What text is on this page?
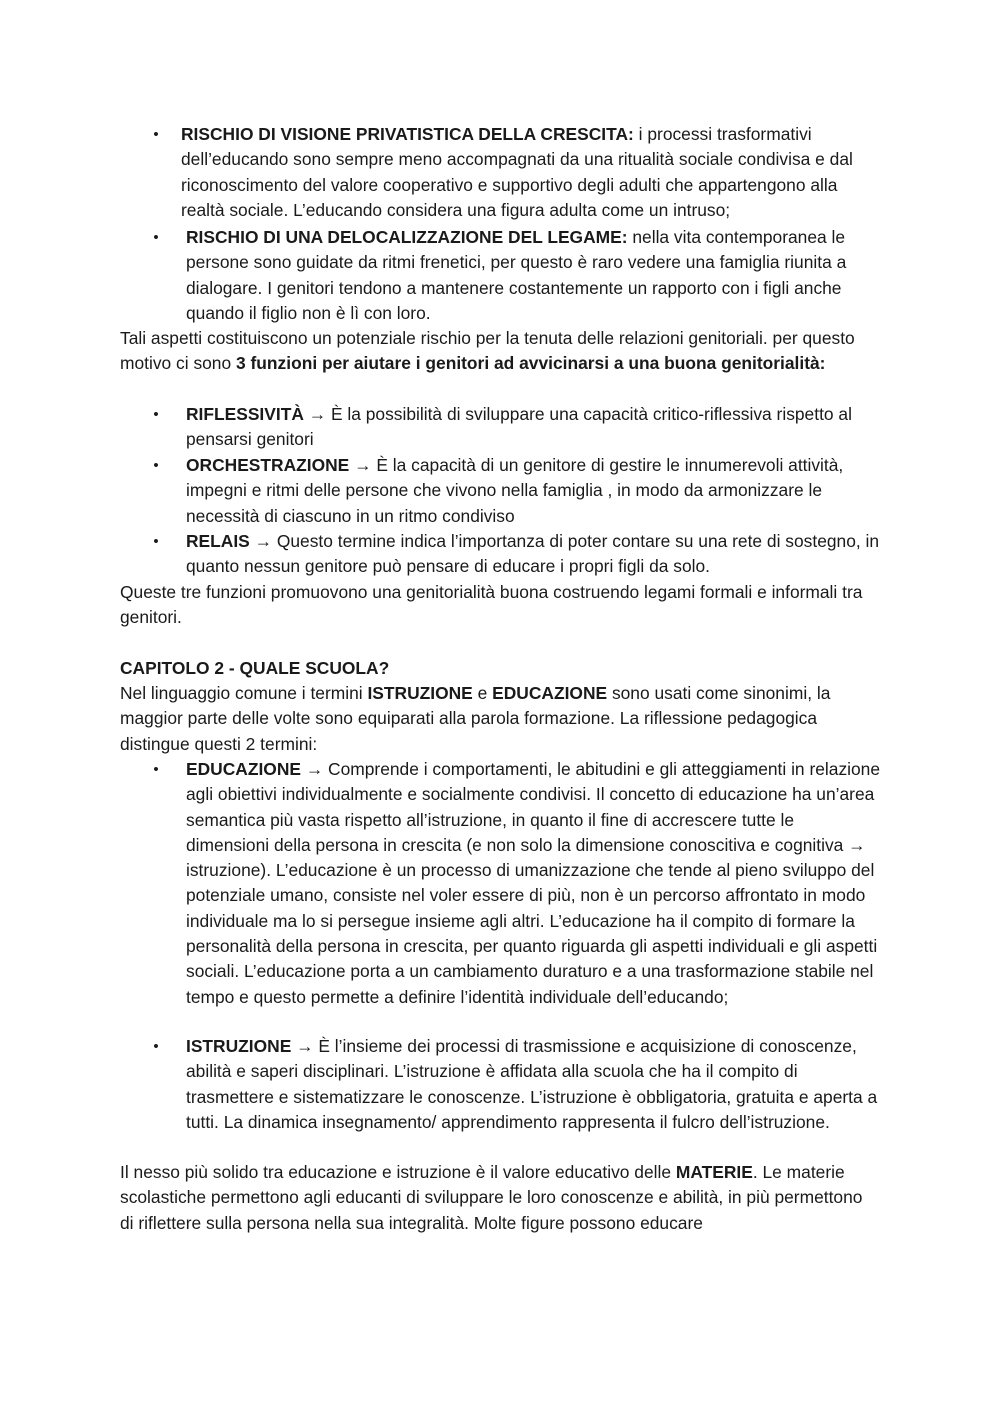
• RISCHIO DI VISIONE PRIVATISTICA DELLA CRESCITA: i processi trasformativi dell’educando sono sempre meno accompagnati da una ritualità sociale condivisa e dal riconoscimento del valore cooperativo e supportivo degli adulti che appartengono alla realtà sociale. L’educando considera una figura adulta come un intruso;
• RISCHIO DI UNA DELOCALIZZAZIONE DEL LEGAME: nella vita contemporanea le persone sono guidate da ritmi frenetici, per questo è raro vedere una famiglia riunita a dialogare. I genitori tendono a mantenere costantemente un rapporto con i figli anche quando il figlio non è lì con loro.
Tali aspetti costituiscono un potenziale rischio per la tenuta delle relazioni genitoriali. per questo motivo ci sono 3 funzioni per aiutare i genitori ad avvicinarsi a una buona genitorialità:
• RIFLESSIVITÀ → È la possibilità di sviluppare una capacità critico-riflessiva rispetto al pensarsi genitori
• ORCHESTRAZIONE → È la capacità di un genitore di gestire le innumerevoli attività, impegni e ritmi delle persone che vivono nella famiglia , in modo da armonizzare le necessità di ciascuno in un ritmo condiviso
• RELAIS → Questo termine indica l’importanza di poter contare su una rete di sostegno, in quanto nessun genitore può pensare di educare i propri figli da solo.
Queste tre funzioni promuovono una genitorialità buona costruendo legami formali e informali tra genitori.
CAPITOLO 2 - QUALE SCUOLA?
Nel linguaggio comune i termini ISTRUZIONE e EDUCAZIONE sono usati come sinonimi, la maggior parte delle volte sono equiparati alla parola formazione. La riflessione pedagogica distingue questi 2 termini:
• EDUCAZIONE → Comprende i comportamenti, le abitudini e gli atteggiamenti in relazione agli obiettivi individualmente e socialmente condivisi. Il concetto di educazione ha un’area semantica più vasta rispetto all’istruzione, in quanto il fine di accrescere tutte le dimensioni della persona in crescita (e non solo la dimensione conoscitiva e cognitiva → istruzione). L’educazione è un processo di umanizzazione che tende al pieno sviluppo del potenziale umano, consiste nel voler essere di più, non è un percorso affrontato in modo individuale ma lo si persegue insieme agli altri. L’educazione ha il compito di formare la personalità della persona in crescita, per quanto riguarda gli aspetti individuali e gli aspetti sociali. L’educazione porta a un cambiamento duraturo e a una trasformazione stabile nel tempo e questo permette a definire l’identità individuale dell’educando;
• ISTRUZIONE → È l’insieme dei processi di trasmissione e acquisizione di conoscenze, abilità e saperi disciplinari. L’istruzione è affidata alla scuola che ha il compito di trasmettere e sistematizzare le conoscenze. L’istruzione è obbligatoria, gratuita e aperta a tutti. La dinamica insegnamento/ apprendimento rappresenta il fulcro dell’istruzione.
Il nesso più solido tra educazione e istruzione è il valore educativo delle MATERIE. Le materie scolastiche permettono agli educanti di sviluppare le loro conoscenze e abilità, in più permettono di riflettere sulla persona nella sua integralità. Molte figure possono educare
